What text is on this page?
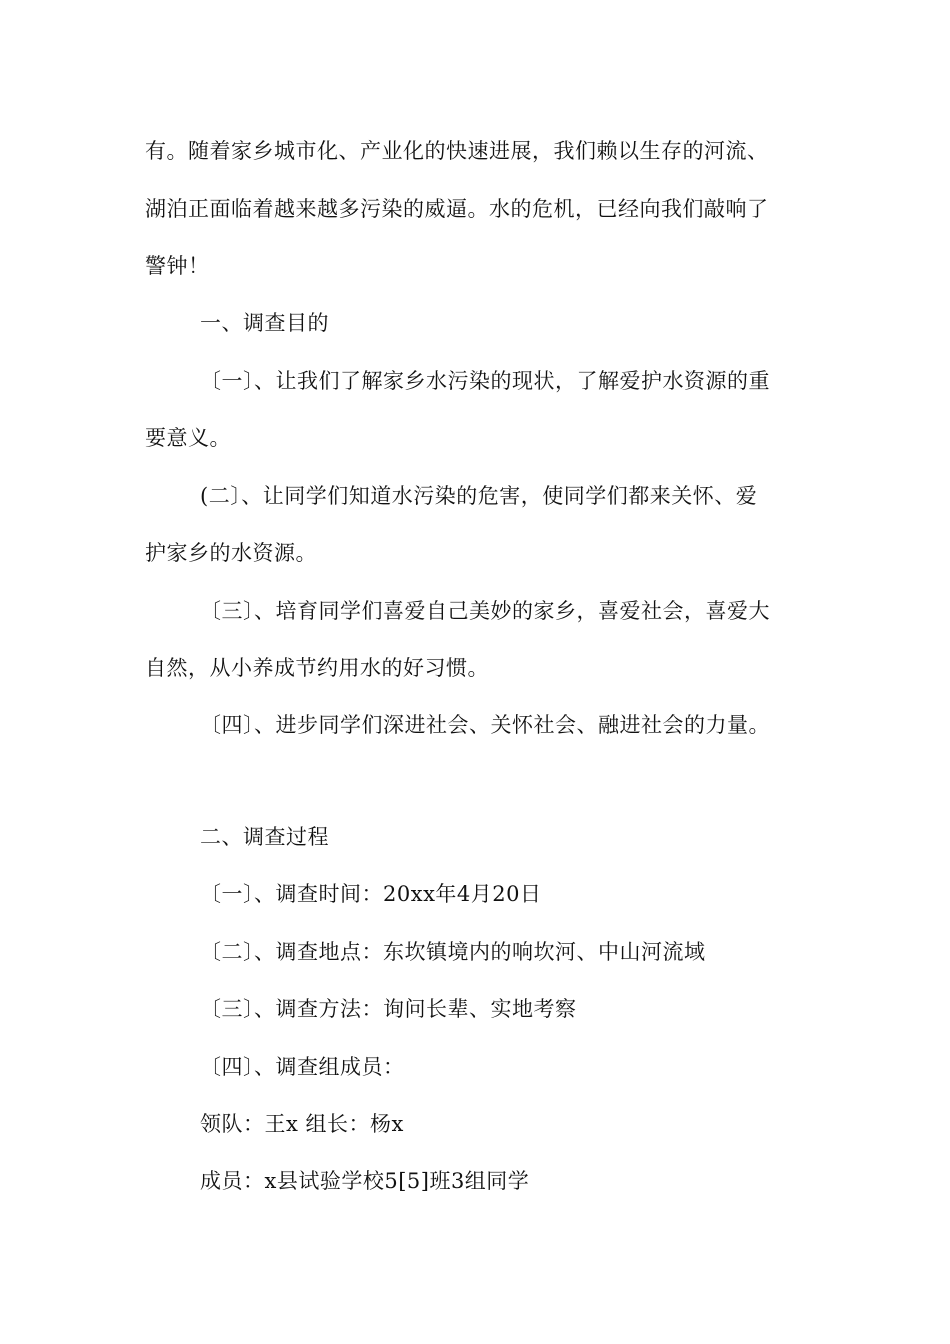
有。随着家乡城市化、产业化的快速进展，我们赖以生存的河流、

湖泊正面临着越来越多污染的威逼。水的危机，已经向我们敲响了

警钟！

一、调查目的

〔一〕、让我们了解家乡水污染的现状，了解爱护水资源的重

要意义。

(二〕、让同学们知道水污染的危害，使同学们都来关怀、爱

护家乡的水资源。

〔三〕、培育同学们喜爱自己美妙的家乡，喜爱社会，喜爱大

自然，从小养成节约用水的好习惯。

〔四〕、进步同学们深进社会、关怀社会、融进社会的力量。

二、调查过程

〔一〕、调查时间：20xx年4月20日

〔二〕、调查地点：东坎镇境内的响坎河、中山河流域

〔三〕、调查方法：询问长辈、实地考察

〔四〕、调查组成员：

领队：王x 组长：杨x

成员：x县试验学校5[5]班3组同学
